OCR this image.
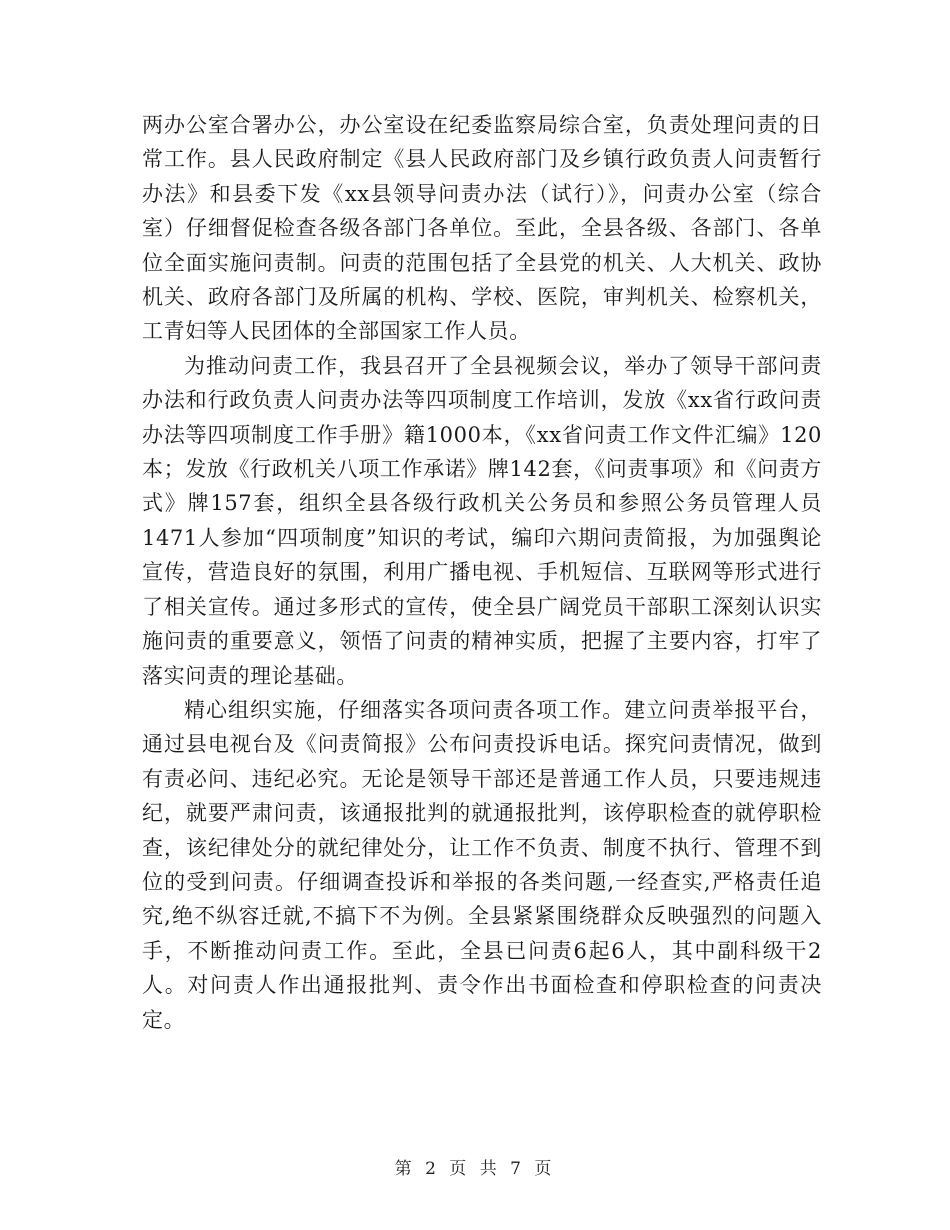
两办公室合署办公，办公室设在纪委监察局综合室，负责处理问责的日常工作。县人民政府制定《县人民政府部门及乡镇行政负责人问责暂行办法》和县委下发《xx县领导问责办法（试行）》，问责办公室（综合室）仔细督促检查各级各部门各单位。至此，全县各级、各部门、各单位全面实施问责制。问责的范围包括了全县党的机关、人大机关、政协机关、政府各部门及所属的机构、学校、医院，审判机关、检察机关，工青妇等人民团体的全部国家工作人员。

为推动问责工作，我县召开了全县视频会议，举办了领导干部问责办法和行政负责人问责办法等四项制度工作培训，发放《xx省行政问责办法等四项制度工作手册》籍1000本，《xx省问责工作文件汇编》120本；发放《行政机关八项工作承诺》牌142套，《问责事项》和《问责方式》牌157套，组织全县各级行政机关公务员和参照公务员管理人员1471人参加“四项制度”知识的考试，编印六期问责简报，为加强舆论宣传，营造良好的氛围，利用广播电视、手机短信、互联网等形式进行了相关宣传。通过多形式的宣传，使全县广阔党员干部职工深刻认识实施问责的重要意义，领悟了问责的精神实质，把握了主要内容，打牢了落实问责的理论基础。

精心组织实施，仔细落实各项问责各项工作。建立问责举报平台，通过县电视台及《问责简报》公布问责投诉电话。探究问责情况，做到有责必问、违纪必究。无论是领导干部还是普通工作人员，只要违规违纪，就要严肃问责，该通报批判的就通报批判，该停职检查的就停职检查，该纪律处分的就纪律处分，让工作不负责、制度不执行、管理不到位的受到问责。仔细调查投诉和举报的各类问题,一经查实,严格责任追究,绝不纵容迁就,不搞下不为例。全县紧紧围绕群众反映强烈的问题入手，不断推动问责工作。至此，全县已问责6起6人，其中副科级干2人。对问责人作出通报批判、责令作出书面检查和停职检查的问责决定。

第 2 页 共 7 页
